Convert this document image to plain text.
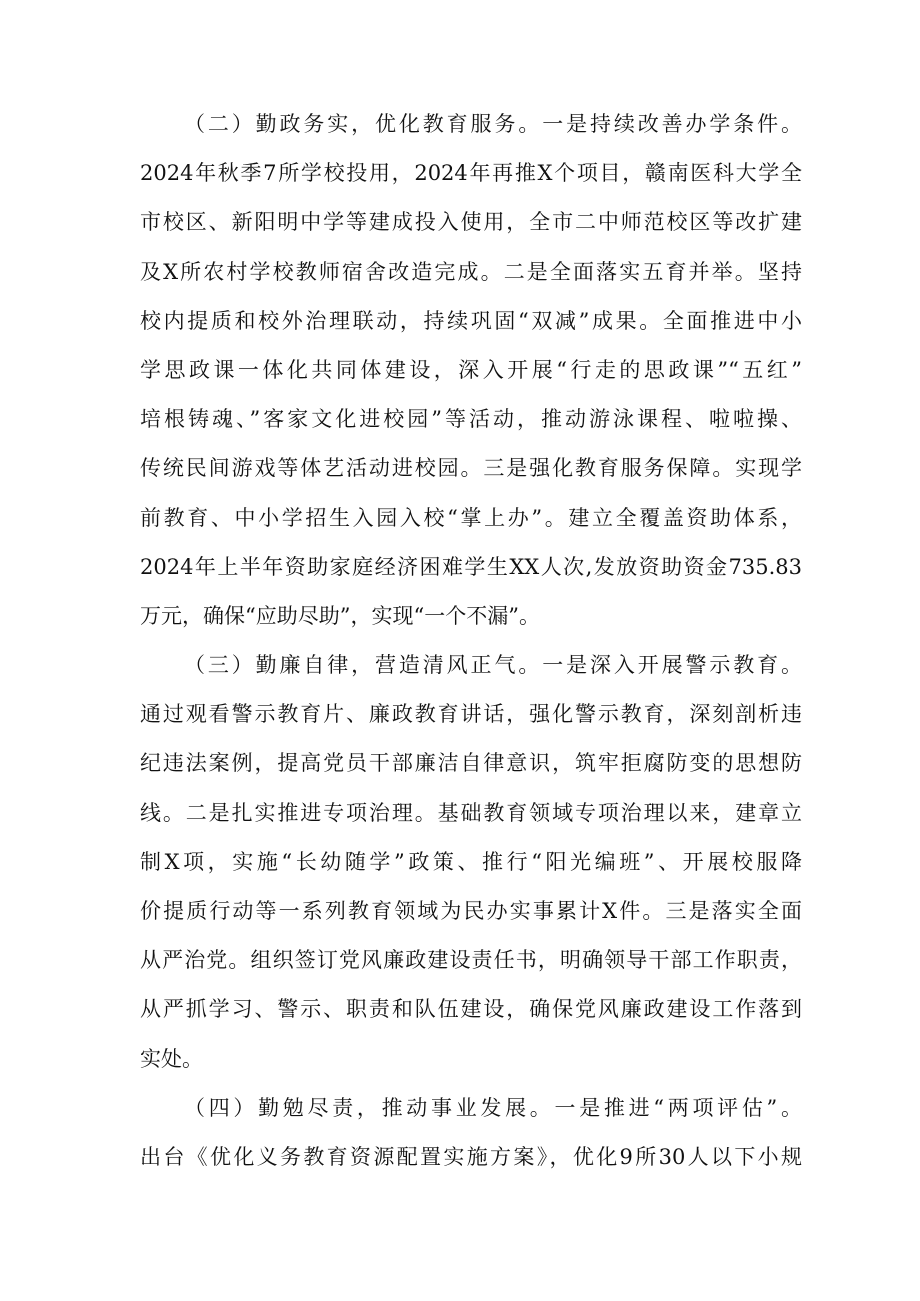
（二）勤政务实，优化教育服务。一是持续改善办学条件。
2024年秋季7所学校投用，2024年再推X个项目，赣南医科大学全
市校区、新阳明中学等建成投入使用，全市二中师范校区等改扩建
及X所农村学校教师宿舍改造完成。二是全面落实五育并举。坚持
校内提质和校外治理联动，持续巩固“双减”成果。全面推进中小
学思政课一体化共同体建设，深入开展“行走的思政课”“五红”
培根铸魂、”客家文化进校园”等活动，推动游泳课程、啦啦操、
传统民间游戏等体艺活动进校园。三是强化教育服务保障。实现学
前教育、中小学招生入园入校“掌上办”。建立全覆盖资助体系，
2024年上半年资助家庭经济困难学生XX人次,发放资助资金735.83
万元，确保“应助尽助”，实现“一个不漏”。
（三）勤廉自律，营造清风正气。一是深入开展警示教育。
通过观看警示教育片、廉政教育讲话，强化警示教育，深刻剖析违
纪违法案例，提高党员干部廉洁自律意识，筑牢拒腐防变的思想防
线。二是扎实推进专项治理。基础教育领域专项治理以来，建章立
制X项，实施“长幼随学”政策、推行“阳光编班”、开展校服降
价提质行动等一系列教育领域为民办实事累计X件。三是落实全面
从严治党。组织签订党风廉政建设责任书，明确领导干部工作职责，
从严抓学习、警示、职责和队伍建设，确保党风廉政建设工作落到
实处。
（四）勤勉尽责，推动事业发展。一是推进“两项评估”。
出台《优化义务教育资源配置实施方案》，优化9所30人以下小规
